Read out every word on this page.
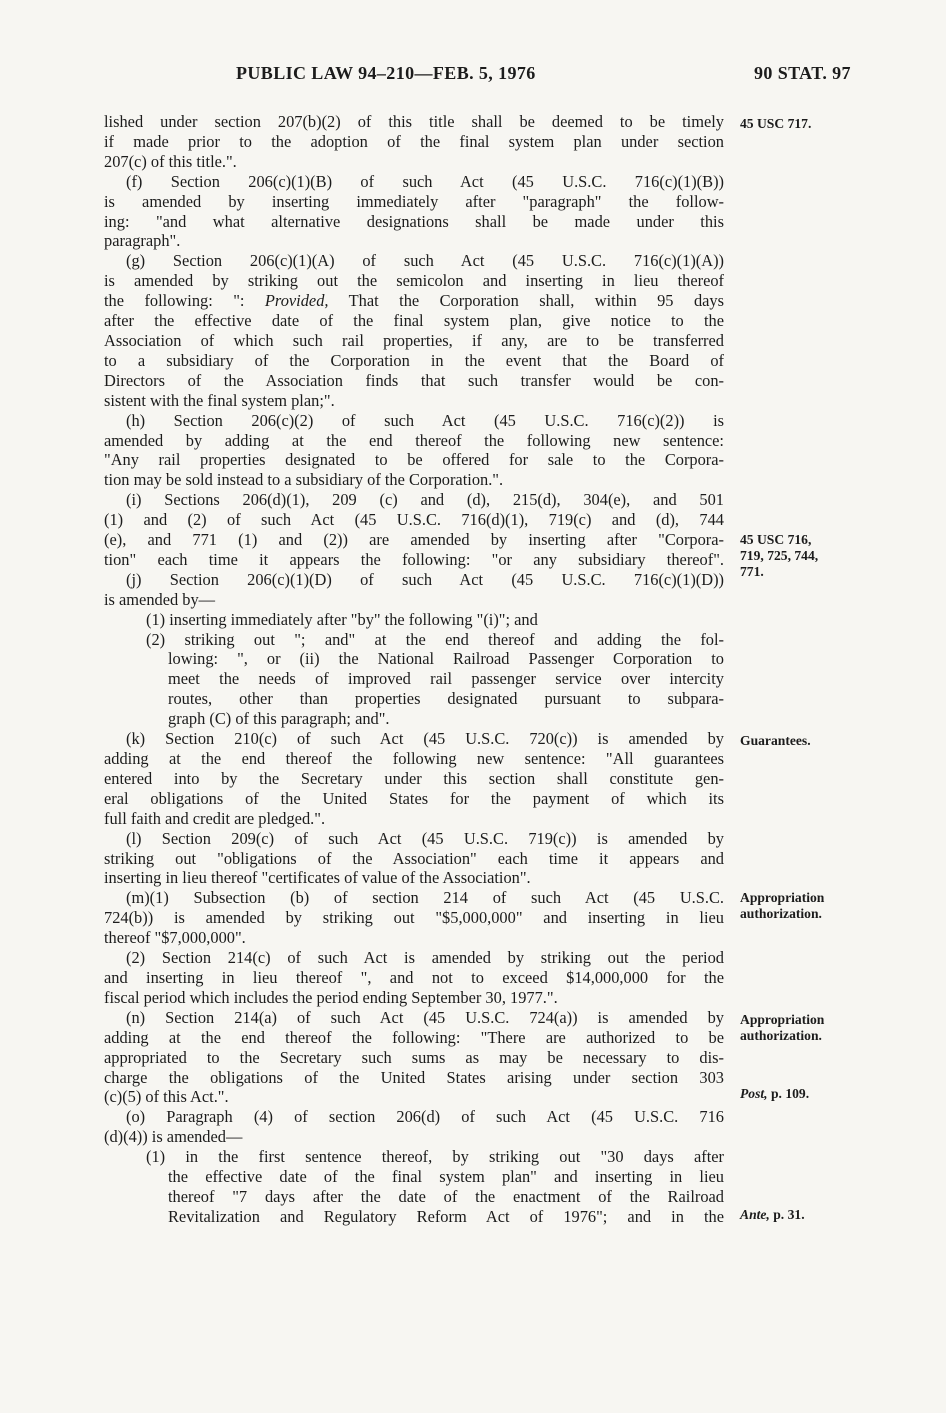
PUBLIC LAW 94–210—FEB. 5, 1976	90 STAT. 97
lished under section 207(b)(2) of this title shall be deemed to be timely
if made prior to the adoption of the final system plan under section
207(c) of this title.".
(f) Section 206(c)(1)(B) of such Act (45 U.S.C. 716(c)(1)(B))
is amended by inserting immediately after "paragraph" the follow-
ing: "and what alternative designations shall be made under this
paragraph".
(g) Section 206(c)(1)(A) of such Act (45 U.S.C. 716(c)(1)(A))
is amended by striking out the semicolon and inserting in lieu thereof
the following: ": Provided, That the Corporation shall, within 95 days
after the effective date of the final system plan, give notice to the
Association of which such rail properties, if any, are to be transferred
to a subsidiary of the Corporation in the event that the Board of
Directors of the Association finds that such transfer would be con-
sistent with the final system plan;".
(h) Section 206(c)(2) of such Act (45 U.S.C. 716(c)(2)) is
amended by adding at the end thereof the following new sentence:
"Any rail properties designated to be offered for sale to the Corpora-
tion may be sold instead to a subsidiary of the Corporation.".
(i) Sections 206(d)(1), 209 (c) and (d), 215(d), 304(e), and 501
(1) and (2) of such Act (45 U.S.C. 716(d)(1), 719(c) and (d), 744
(e), and 771 (1) and (2)) are amended by inserting after "Corpora-
tion" each time it appears the following: "or any subsidiary thereof".
(j) Section 206(c)(1)(D) of such Act (45 U.S.C. 716(c)(1)(D))
is amended by—
(1) inserting immediately after "by" the following "(i)"; and
(2) striking out "; and" at the end thereof and adding the fol-
lowing: ", or (ii) the National Railroad Passenger Corporation to
meet the needs of improved rail passenger service over intercity
routes, other than properties designated pursuant to subpara-
graph (C) of this paragraph; and".
(k) Section 210(c) of such Act (45 U.S.C. 720(c)) is amended by
adding at the end thereof the following new sentence: "All guarantees
entered into by the Secretary under this section shall constitute gen-
eral obligations of the United States for the payment of which its
full faith and credit are pledged.".
(l) Section 209(c) of such Act (45 U.S.C. 719(c)) is amended by
striking out "obligations of the Association" each time it appears and
inserting in lieu thereof "certificates of value of the Association".
(m)(1) Subsection (b) of section 214 of such Act (45 U.S.C.
724(b)) is amended by striking out "$5,000,000" and inserting in lieu
thereof "$7,000,000".
(2) Section 214(c) of such Act is amended by striking out the period
and inserting in lieu thereof ", and not to exceed $14,000,000 for the
fiscal period which includes the period ending September 30, 1977.".
(n) Section 214(a) of such Act (45 U.S.C. 724(a)) is amended by
adding at the end thereof the following: "There are authorized to be
appropriated to the Secretary such sums as may be necessary to dis-
charge the obligations of the United States arising under section 303
(c)(5) of this Act.".
(o) Paragraph (4) of section 206(d) of such Act (45 U.S.C. 716
(d)(4)) is amended—
(1) in the first sentence thereof, by striking out "30 days after
the effective date of the final system plan" and inserting in lieu
thereof "7 days after the date of the enactment of the Railroad
Revitalization and Regulatory Reform Act of 1976"; and in the
45 USC 717.
45 USC 716,
719, 725, 744,
771.
Guarantees.
Appropriation
authorization.
Appropriation
authorization.
Post, p. 109.
Ante, p. 31.
